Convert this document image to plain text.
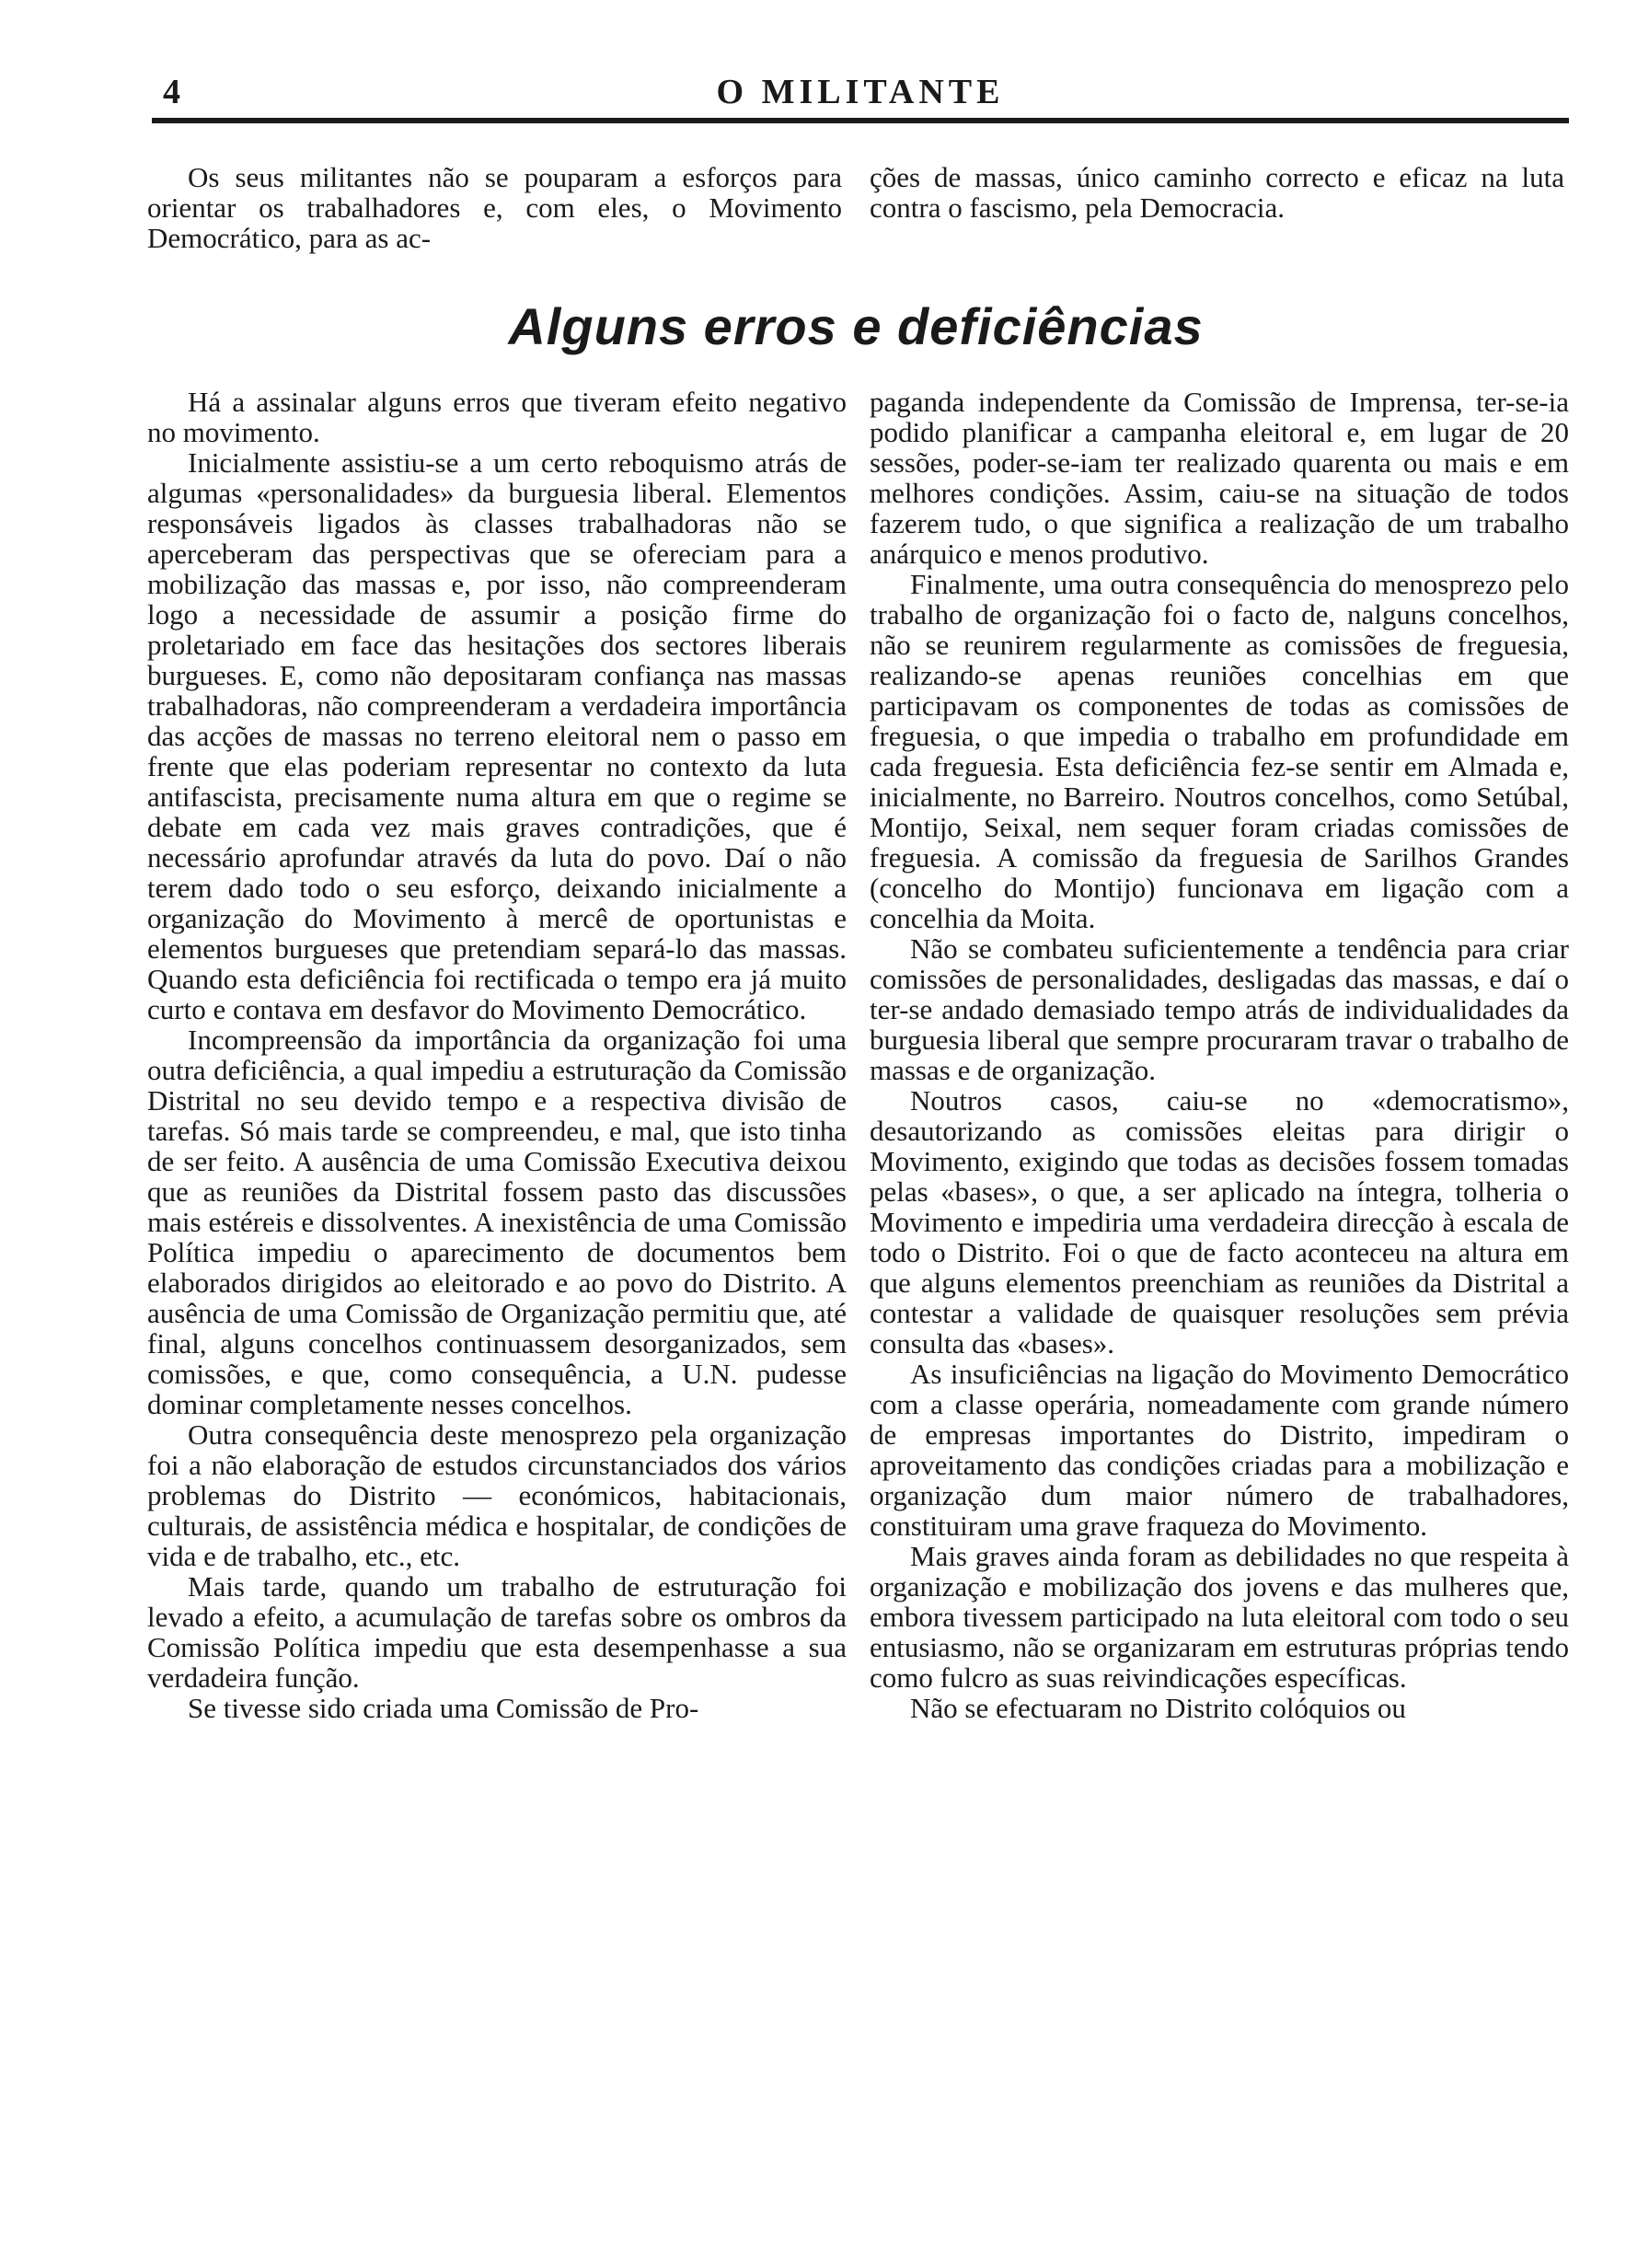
4	O MILITANTE

Os seus militantes não se pouparam a esforços para orientar os trabalhadores e, com eles, o Movimento Democrático, para as ac-

ções de massas, único caminho correcto e eficaz na luta contra o fascismo, pela Democracia.

Alguns erros e deficiências

Há a assinalar alguns erros que tiveram efeito negativo no movimento.

Inicialmente assistiu-se a um certo reboquismo atrás de algumas «personalidades» da burguesia liberal. Elementos responsáveis ligados às classes trabalhadoras não se aperceberam das perspectivas que se ofereciam para a mobilização das massas e, por isso, não compreenderam logo a necessidade de assumir a posição firme do proletariado em face das hesitações dos sectores liberais burgueses. E, como não depositaram confiança nas massas trabalhadoras, não compreenderam a verdadeira importância das acções de massas no terreno eleitoral nem o passo em frente que elas poderiam representar no contexto da luta antifascista, precisamente numa altura em que o regime se debate em cada vez mais graves contradições, que é necessário aprofundar através da luta do povo. Daí o não terem dado todo o seu esforço, deixando inicialmente a organização do Movimento à mercê de oportunistas e elementos burgueses que pretendiam separá-lo das massas. Quando esta deficiência foi rectificada o tempo era já muito curto e contava em desfavor do Movimento Democrático.

Incompreensão da importância da organização foi uma outra deficiência, a qual impediu a estruturação da Comissão Distrital no seu devido tempo e a respectiva divisão de tarefas. Só mais tarde se compreendeu, e mal, que isto tinha de ser feito. A ausência de uma Comissão Executiva deixou que as reuniões da Distrital fossem pasto das discussões mais estéreis e dissolventes. A inexistência de uma Comissão Política impediu o aparecimento de documentos bem elaborados dirigidos ao eleitorado e ao povo do Distrito. A ausência de uma Comissão de Organização permitiu que, até final, alguns concelhos continuassem desorganizados, sem comissões, e que, como consequência, a U.N. pudesse dominar completamente nesses concelhos.

Outra consequência deste menosprezo pela organização foi a não elaboração de estudos circunstanciados dos vários problemas do Distrito — económicos, habitacionais, culturais, de assistência médica e hospitalar, de condições de vida e de trabalho, etc., etc.

Mais tarde, quando um trabalho de estruturação foi levado a efeito, a acumulação de tarefas sobre os ombros da Comissão Política impediu que esta desempenhasse a sua verdadeira função.

Se tivesse sido criada uma Comissão de Pro-

paganda independente da Comissão de Imprensa, ter-se-ia podido planificar a campanha eleitoral e, em lugar de 20 sessões, poder-se-iam ter realizado quarenta ou mais e em melhores condições. Assim, caiu-se na situação de todos fazerem tudo, o que significa a realização de um trabalho anárquico e menos produtivo.

Finalmente, uma outra consequência do menosprezo pelo trabalho de organização foi o facto de, nalguns concelhos, não se reunirem regularmente as comissões de freguesia, realizando-se apenas reuniões concelhias em que participavam os componentes de todas as comissões de freguesia, o que impedia o trabalho em profundidade em cada freguesia. Esta deficiência fez-se sentir em Almada e, inicialmente, no Barreiro. Noutros concelhos, como Setúbal, Montijo, Seixal, nem sequer foram criadas comissões de freguesia. A comissão da freguesia de Sarilhos Grandes (concelho do Montijo) funcionava em ligação com a concelhia da Moita.

Não se combateu suficientemente a tendência para criar comissões de personalidades, desligadas das massas, e daí o ter-se andado demasiado tempo atrás de individualidades da burguesia liberal que sempre procuraram travar o trabalho de massas e de organização.

Noutros casos, caiu-se no «democratismo», desautorizando as comissões eleitas para dirigir o Movimento, exigindo que todas as decisões fossem tomadas pelas «bases», o que, a ser aplicado na íntegra, tolheria o Movimento e impediria uma verdadeira direcção à escala de todo o Distrito. Foi o que de facto aconteceu na altura em que alguns elementos preenchiam as reuniões da Distrital a contestar a validade de quaisquer resoluções sem prévia consulta das «bases».

As insuficiências na ligação do Movimento Democrático com a classe operária, nomeadamente com grande número de empresas importantes do Distrito, impediram o aproveitamento das condições criadas para a mobilização e organização dum maior número de trabalhadores, constituiram uma grave fraqueza do Movimento.

Mais graves ainda foram as debilidades no que respeita à organização e mobilização dos jovens e das mulheres que, embora tivessem participado na luta eleitoral com todo o seu entusiasmo, não se organizaram em estruturas próprias tendo como fulcro as suas reivindicações específicas.

Não se efectuaram no Distrito colóquios ou
